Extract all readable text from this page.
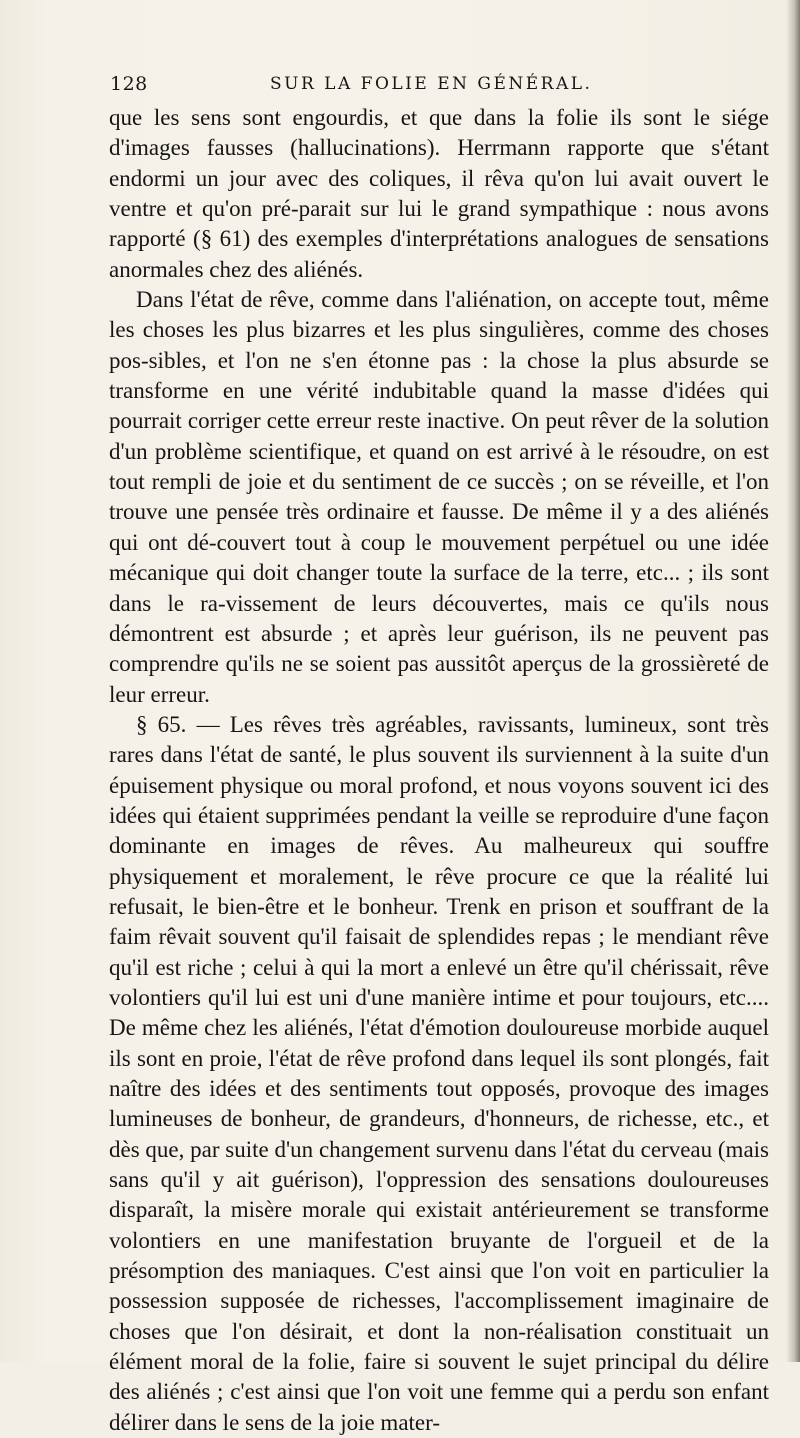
128	SUR LA FOLIE EN GÉNÉRAL.

que les sens sont engourdis, et que dans la folie ils sont le siége d'images fausses (hallucinations). Herrmann rapporte que s'étant endormi un jour avec des coliques, il rêva qu'on lui avait ouvert le ventre et qu'on pré-parait sur lui le grand sympathique : nous avons rapporté (§ 61) des exemples d'interprétations analogues de sensations anormales chez des aliénés.

Dans l'état de rêve, comme dans l'aliénation, on accepte tout, même les choses les plus bizarres et les plus singulières, comme des choses pos-sibles, et l'on ne s'en étonne pas : la chose la plus absurde se transforme en une vérité indubitable quand la masse d'idées qui pourrait corriger cette erreur reste inactive. On peut rêver de la solution d'un problème scientifique, et quand on est arrivé à le résoudre, on est tout rempli de joie et du sentiment de ce succès ; on se réveille, et l'on trouve une pensée très ordinaire et fausse. De même il y a des aliénés qui ont dé-couvert tout à coup le mouvement perpétuel ou une idée mécanique qui doit changer toute la surface de la terre, etc... ; ils sont dans le ra-vissement de leurs découvertes, mais ce qu'ils nous démontrent est absurde ; et après leur guérison, ils ne peuvent pas comprendre qu'ils ne se soient pas aussitôt aperçus de la grossièreté de leur erreur.

§ 65. — Les rêves très agréables, ravissants, lumineux, sont très rares dans l'état de santé, le plus souvent ils surviennent à la suite d'un épuisement physique ou moral profond, et nous voyons souvent ici des idées qui étaient supprimées pendant la veille se reproduire d'une façon dominante en images de rêves. Au malheureux qui souffre physiquement et moralement, le rêve procure ce que la réalité lui refusait, le bien-être et le bonheur. Trenk en prison et souffrant de la faim rêvait souvent qu'il faisait de splendides repas ; le mendiant rêve qu'il est riche ; celui à qui la mort a enlevé un être qu'il chérissait, rêve volontiers qu'il lui est uni d'une manière intime et pour toujours, etc.... De même chez les aliénés, l'état d'émotion douloureuse morbide auquel ils sont en proie, l'état de rêve profond dans lequel ils sont plongés, fait naître des idées et des sentiments tout opposés, provoque des images lumineuses de bonheur, de grandeurs, d'honneurs, de richesse, etc., et dès que, par suite d'un changement survenu dans l'état du cerveau (mais sans qu'il y ait guérison), l'oppression des sensations douloureuses disparaît, la misère morale qui existait antérieurement se transforme volontiers en une manifestation bruyante de l'orgueil et de la présomption des maniaques. C'est ainsi que l'on voit en particulier la possession supposée de richesses, l'accomplissement imaginaire de choses que l'on désirait, et dont la non-réalisation constituait un élément moral de la folie, faire si souvent le sujet principal du délire des aliénés ; c'est ainsi que l'on voit une femme qui a perdu son enfant délirer dans le sens de la joie mater-
